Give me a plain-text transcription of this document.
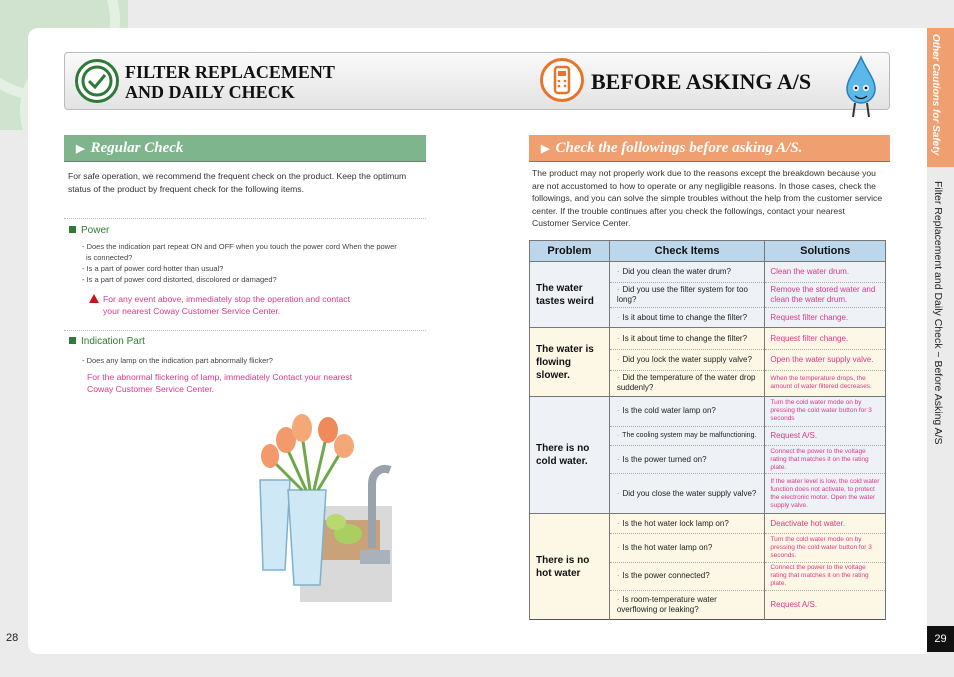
Other Cautions for Safety
Filter Replacement and Daily Check ~ Before Asking A/S
28	29
FILTER REPLACEMENT
AND DAILY CHECK	BEFORE ASKING A/S
▶ Regular Check
For safe operation, we recommend the frequent check on the product. Keep the optimum status of the product by frequent check for the following items.
Power
- Does the indication part repeat ON and OFF when you touch the power cord When the power
is connected?
- Is a part of power cord hotter than usual?
- Is a part of power cord distorted, discolored or damaged?
For any event above, immediately stop the operation and contact
your nearest Coway Customer Service Center.
Indication Part
- Does any lamp on the indication part abnormally flicker?
For the abnormal flickering of lamp, immediately Contact your nearest
Coway Customer Service Center.
▶ Check the followings before asking A/S.
The product may not properly work due to the reasons except the breakdown because you are not accustomed to how to operate or any negligible reasons. In those cases, check the followings, and you can solve the simple troubles without the help from the customer service center. If the trouble continues after you check the followings, contact your nearest Customer Service Center.
Problem	Check Items	Solutions
The water tastes weird	· Did you clean the water drum?	Clean the water drum.
	· Did you use the filter system for too long?	Remove the stored water and clean the water drum.
	· Is it about time to change the filter?	Request filter change.
The water is flowing slower.	· Is it about time to change the filter?	Request filter change.
	· Did you lock the water supply valve?	Open the water supply valve.
	· Did the temperature of the water drop suddenly?	When the temperature drops, the amount of water filtered decreases.
There is no cold water.	· Is the cold water lamp on?	Turn the cold water mode on by pressing the cold water button for 3 seconds
	· The cooling system may be malfunctioning.	Request A/S.
	· Is the power turned on?	Connect the power to the voltage rating that matches it on the rating plate.
	· Did you close the water supply valve?	If the water level is low, the cold water function does not activate, to protect the electronic motor. Open the water supply valve.
There is no hot water	· Is the hot water lock lamp on?	Deactivate hot water.
	· Is the hot water lamp on?	Turn the cold water mode on by pressing the cold water button for 3 seconds.
	· Is the power connected?	Connect the power to the voltage rating that matches it on the rating plate.
	· Is room-temperature water overflowing or leaking?	Request A/S.
